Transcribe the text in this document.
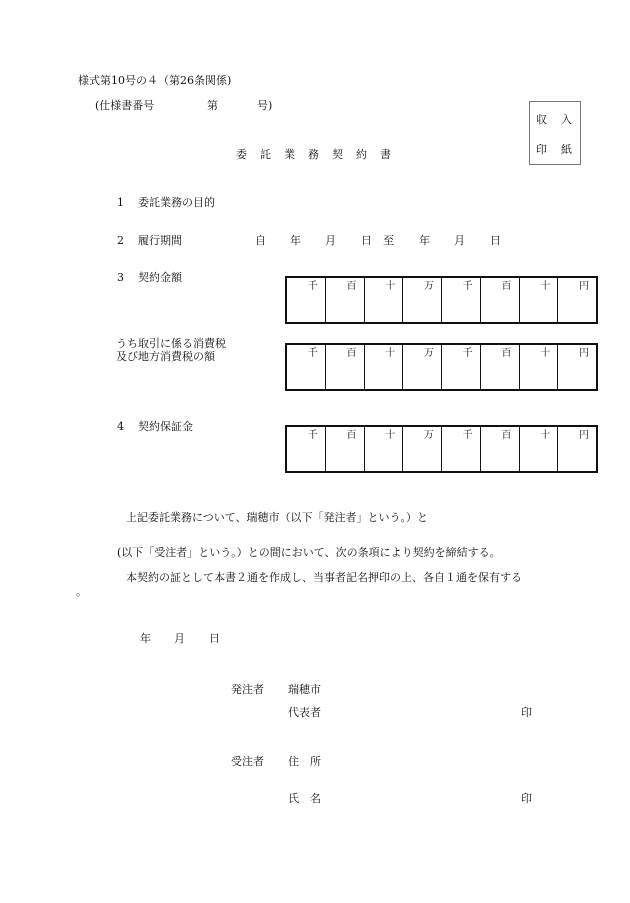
様式第10号の４（第26条関係)
(仕様書番号	第	号)
収 入
印 紙
委託業務契約書
1 委託業務の目的
2 履行期間	自 年 月 日 至 年 月 日
3 契約金額
千	百	十	万	千	百	十	円
うち取引に係る消費税
及び地方消費税の額	千	百	十	万	千	百	十	円
4 契約保証金
千	百	十	万	千	百	十	円
上記委託業務について、瑞穂市（以下「発注者」という。）と
(以下「受注者」という。）との間において、次の条項により契約を締結する。
本契約の証として本書２通を作成し、当事者記名押印の上、各自１通を保有する
。
年 月 日
発注者 瑞穂市
代表者	印
受注者 住　所
氏　名	印
